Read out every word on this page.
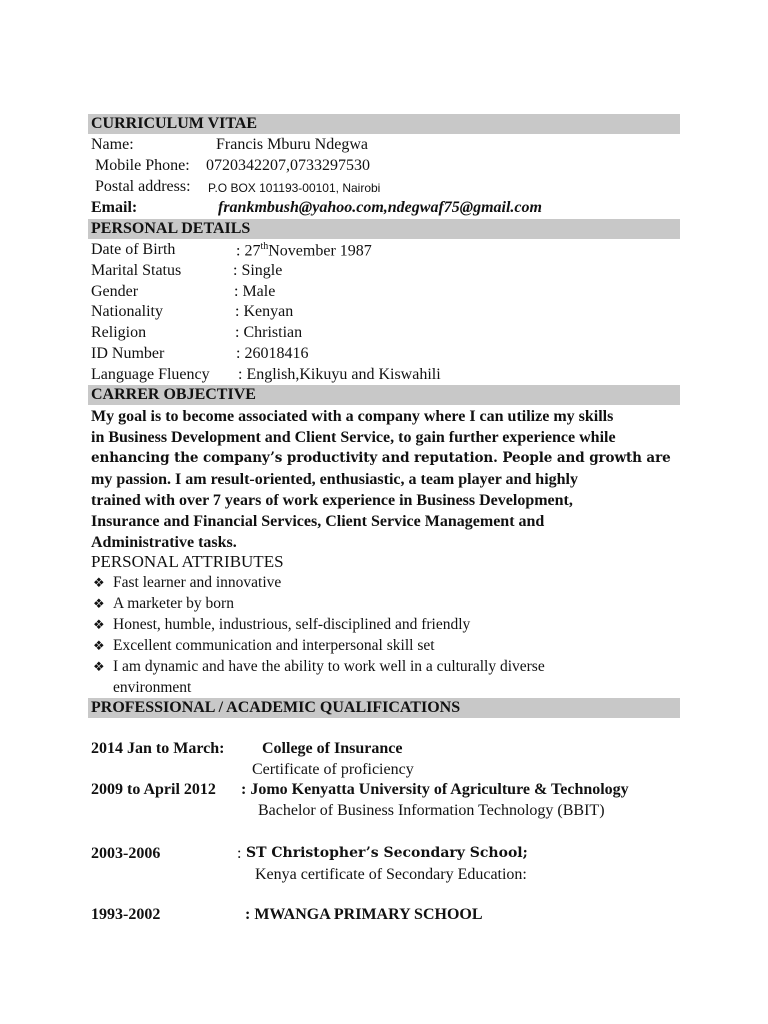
CURRICULUM VITAE
Name:	Francis Mburu Ndegwa
Mobile Phone: 0720342207,0733297530
Postal address: P.O BOX 101193-00101, Nairobi
Email:	frankmbush@yahoo.com,ndegwaf75@gmail.com
PERSONAL DETAILS
Date of Birth	: 27thNovember 1987
Marital Status	: Single
Gender	: Male
Nationality	: Kenyan
Religion	: Christian
ID Number	: 26018416
Language Fluency : English,Kikuyu and Kiswahili
CARRER OBJECTIVE
My goal is to become associated with a company where I can utilize my skills
in Business Development and Client Service, to gain further experience while
enhancing the company’s productivity and reputation. People and growth are
my passion. I am result-oriented, enthusiastic, a team player and highly
trained with over 7 years of work experience in Business Development,
Insurance and Financial Services, Client Service Management and
Administrative tasks.
PERSONAL ATTRIBUTES
❖ Fast learner and innovative
❖ A marketer by born
❖ Honest, humble, industrious, self-disciplined and friendly
❖ Excellent communication and interpersonal skill set
❖ I am dynamic and have the ability to work well in a culturally diverse
environment
PROFESSIONAL / ACADEMIC QUALIFICATIONS
2014 Jan to March: College of Insurance
Certificate of proficiency
2009 to April 2012 : Jomo Kenyatta University of Agriculture & Technology
Bachelor of Business Information Technology (BBIT)
2003-2006	: ST Christopher’s Secondary School;
Kenya certificate of Secondary Education:
1993-2002	: MWANGA PRIMARY SCHOOL
